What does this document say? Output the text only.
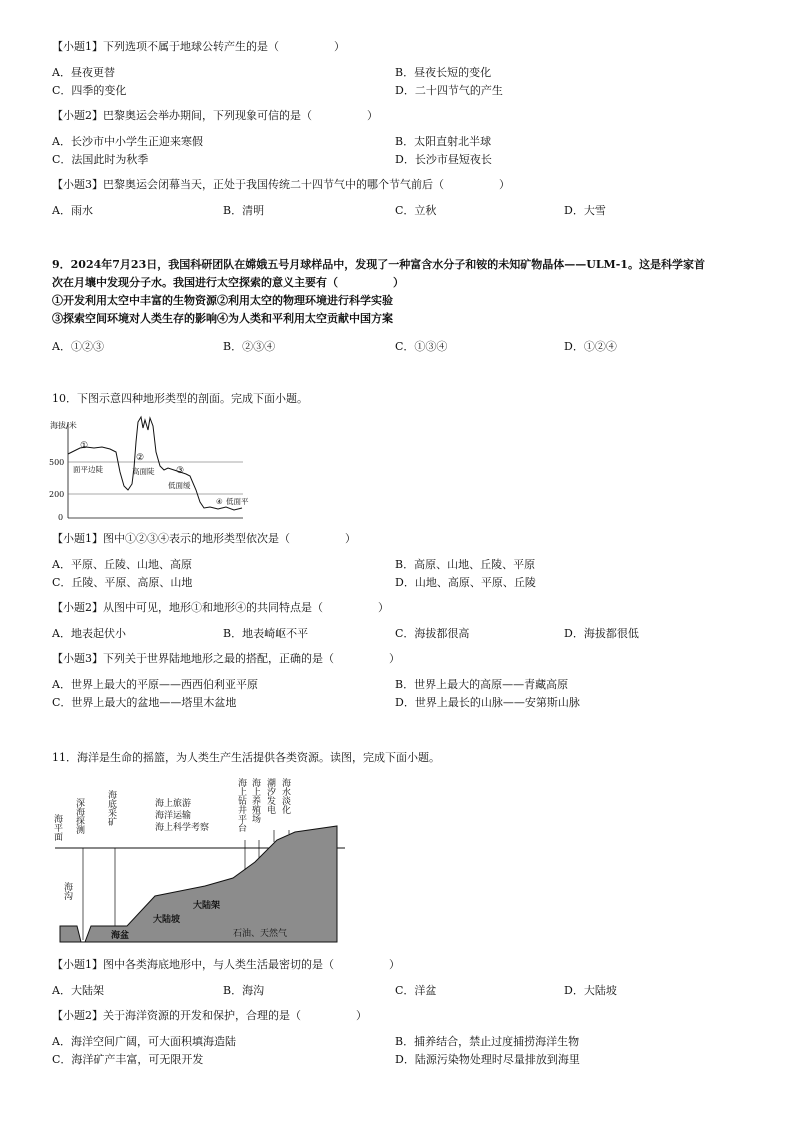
【小题1】下列选项不属于地球公转产生的是（　　　　　）
A．昼夜更替	B．昼夜长短的变化
C．四季的变化	D．二十四节气的产生
【小题2】巴黎奥运会举办期间，下列现象可信的是（　　　　　）
A．长沙市中小学生正迎来寒假	B．太阳直射北半球
C．法国此时为秋季	D．长沙市昼短夜长
【小题3】巴黎奥运会闭幕当天，正处于我国传统二十四节气中的哪个节气前后（　　　　　）
A．雨水	B．清明	C．立秋	D．大雪
9．2024年7月23日，我国科研团队在嫦娥五号月球样品中，发现了一种富含水分子和铵的未知矿物晶体——ULM-1。这是科学家首
次在月壤中发现分子水。我国进行太空探索的意义主要有（　　　　　）
①开发利用太空中丰富的生物资源②利用太空的物理环境进行科学实验
③探索空间环境对人类生存的影响④为人类和平利用太空贡献中国方案
A．①②③	B．②③④	C．①③④	D．①②④
10．下图示意四种地形类型的剖面。完成下面小题。
海拔/米
500
200
0
①
面平边陡
②
高面陡 ③
低面缓
④ 低面平
【小题1】图中①②③④表示的地形类型依次是（　　　　　）
A．平原、丘陵、山地、高原	B．高原、山地、丘陵、平原
C．丘陵、平原、高原、山地	D．山地、高原、平原、丘陵
【小题2】从图中可见，地形①和地形④的共同特点是（　　　　　）
A．地表起伏小	B．地表崎岖不平	C．海拔都很高	D．海拔都很低
【小题3】下列关于世界陆地地形之最的搭配，正确的是（　　　　　）
A．世界上最大的平原——西西伯利亚平原	B．世界上最大的高原——青藏高原
C．世界上最大的盆地——塔里木盆地	D．世界上最长的山脉——安第斯山脉
11．海洋是生命的摇篮，为人类生产生活提供各类资源。读图，完成下面小题。
海平面 深海探测 海底采矿	海上钻井平台 海上养殖场 潮汐发电 海水淡化
海沟
海上旅游
海洋运输
海上科学考察
海盆
大陆坡
大陆架
石油、天然气
【小题1】图中各类海底地形中，与人类生活最密切的是（　　　　　）
A．大陆架	B．海沟	C．洋盆	D．大陆坡
【小题2】关于海洋资源的开发和保护，合理的是（　　　　　）
A．海洋空间广阔，可大面积填海造陆	B．捕养结合，禁止过度捕捞海洋生物
C．海洋矿产丰富，可无限开发	D．陆源污染物处理时尽量排放到海里
